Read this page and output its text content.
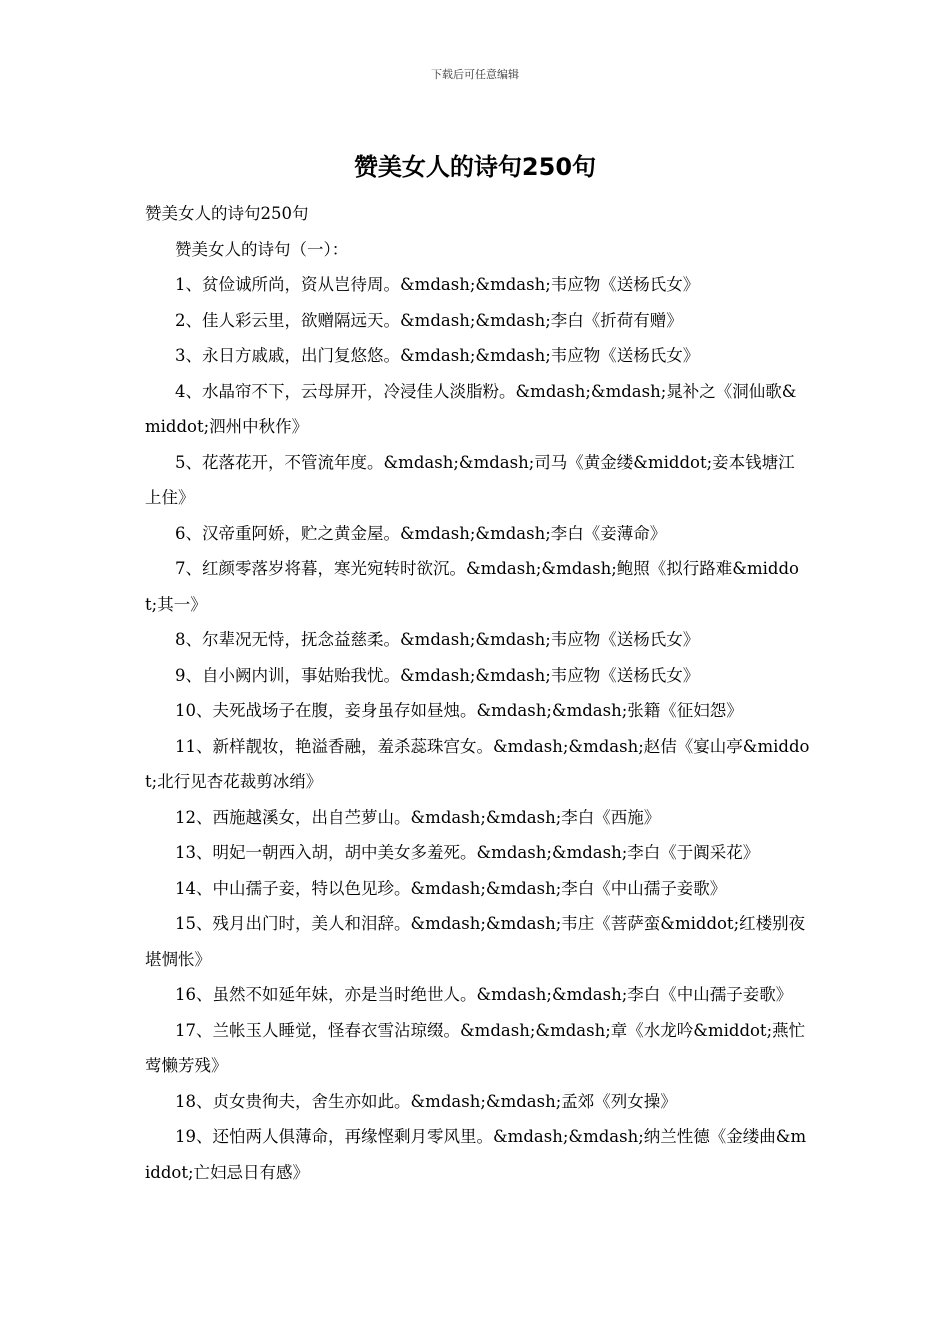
下载后可任意编辑
赞美女人的诗句250句

赞美女人的诗句250句

赞美女人的诗句（一）：

1、贫俭诚所尚，资从岂待周。&mdash;&mdash;韦应物《送杨氏女》

2、佳人彩云里，欲赠隔远天。&mdash;&mdash;李白《折荷有赠》

3、永日方戚戚，出门复悠悠。&mdash;&mdash;韦应物《送杨氏女》

4、水晶帘不下，云母屏开，冷浸佳人淡脂粉。&mdash;&mdash;晁补之《洞仙歌&middot;泗州中秋作》

5、花落花开，不管流年度。&mdash;&mdash;司马《黄金缕&middot;妾本钱塘江上住》

6、汉帝重阿娇，贮之黄金屋。&mdash;&mdash;李白《妾薄命》

7、红颜零落岁将暮，寒光宛转时欲沉。&mdash;&mdash;鲍照《拟行路难&middot;其一》

8、尔辈况无恃，抚念益慈柔。&mdash;&mdash;韦应物《送杨氏女》

9、自小阙内训，事姑贻我忧。&mdash;&mdash;韦应物《送杨氏女》

10、夫死战场子在腹，妾身虽存如昼烛。&mdash;&mdash;张籍《征妇怨》

11、新样靓妆，艳溢香融，羞杀蕊珠宫女。&mdash;&mdash;赵佶《宴山亭&middot;北行见杏花裁剪冰绡》

12、西施越溪女，出自苎萝山。&mdash;&mdash;李白《西施》

13、明妃一朝西入胡，胡中美女多羞死。&mdash;&mdash;李白《于阗采花》

14、中山孺子妾，特以色见珍。&mdash;&mdash;李白《中山孺子妾歌》

15、残月出门时，美人和泪辞。&mdash;&mdash;韦庄《菩萨蛮&middot;红楼别夜堪惆怅》

16、虽然不如延年妹，亦是当时绝世人。&mdash;&mdash;李白《中山孺子妾歌》

17、兰帐玉人睡觉，怪春衣雪沾琼缀。&mdash;&mdash;章《水龙吟&middot;燕忙莺懒芳残》

18、贞女贵徇夫，舍生亦如此。&mdash;&mdash;孟郊《列女操》

19、还怕两人俱薄命，再缘悭剩月零风里。&mdash;&mdash;纳兰性德《金缕曲&middot;亡妇忌日有感》
